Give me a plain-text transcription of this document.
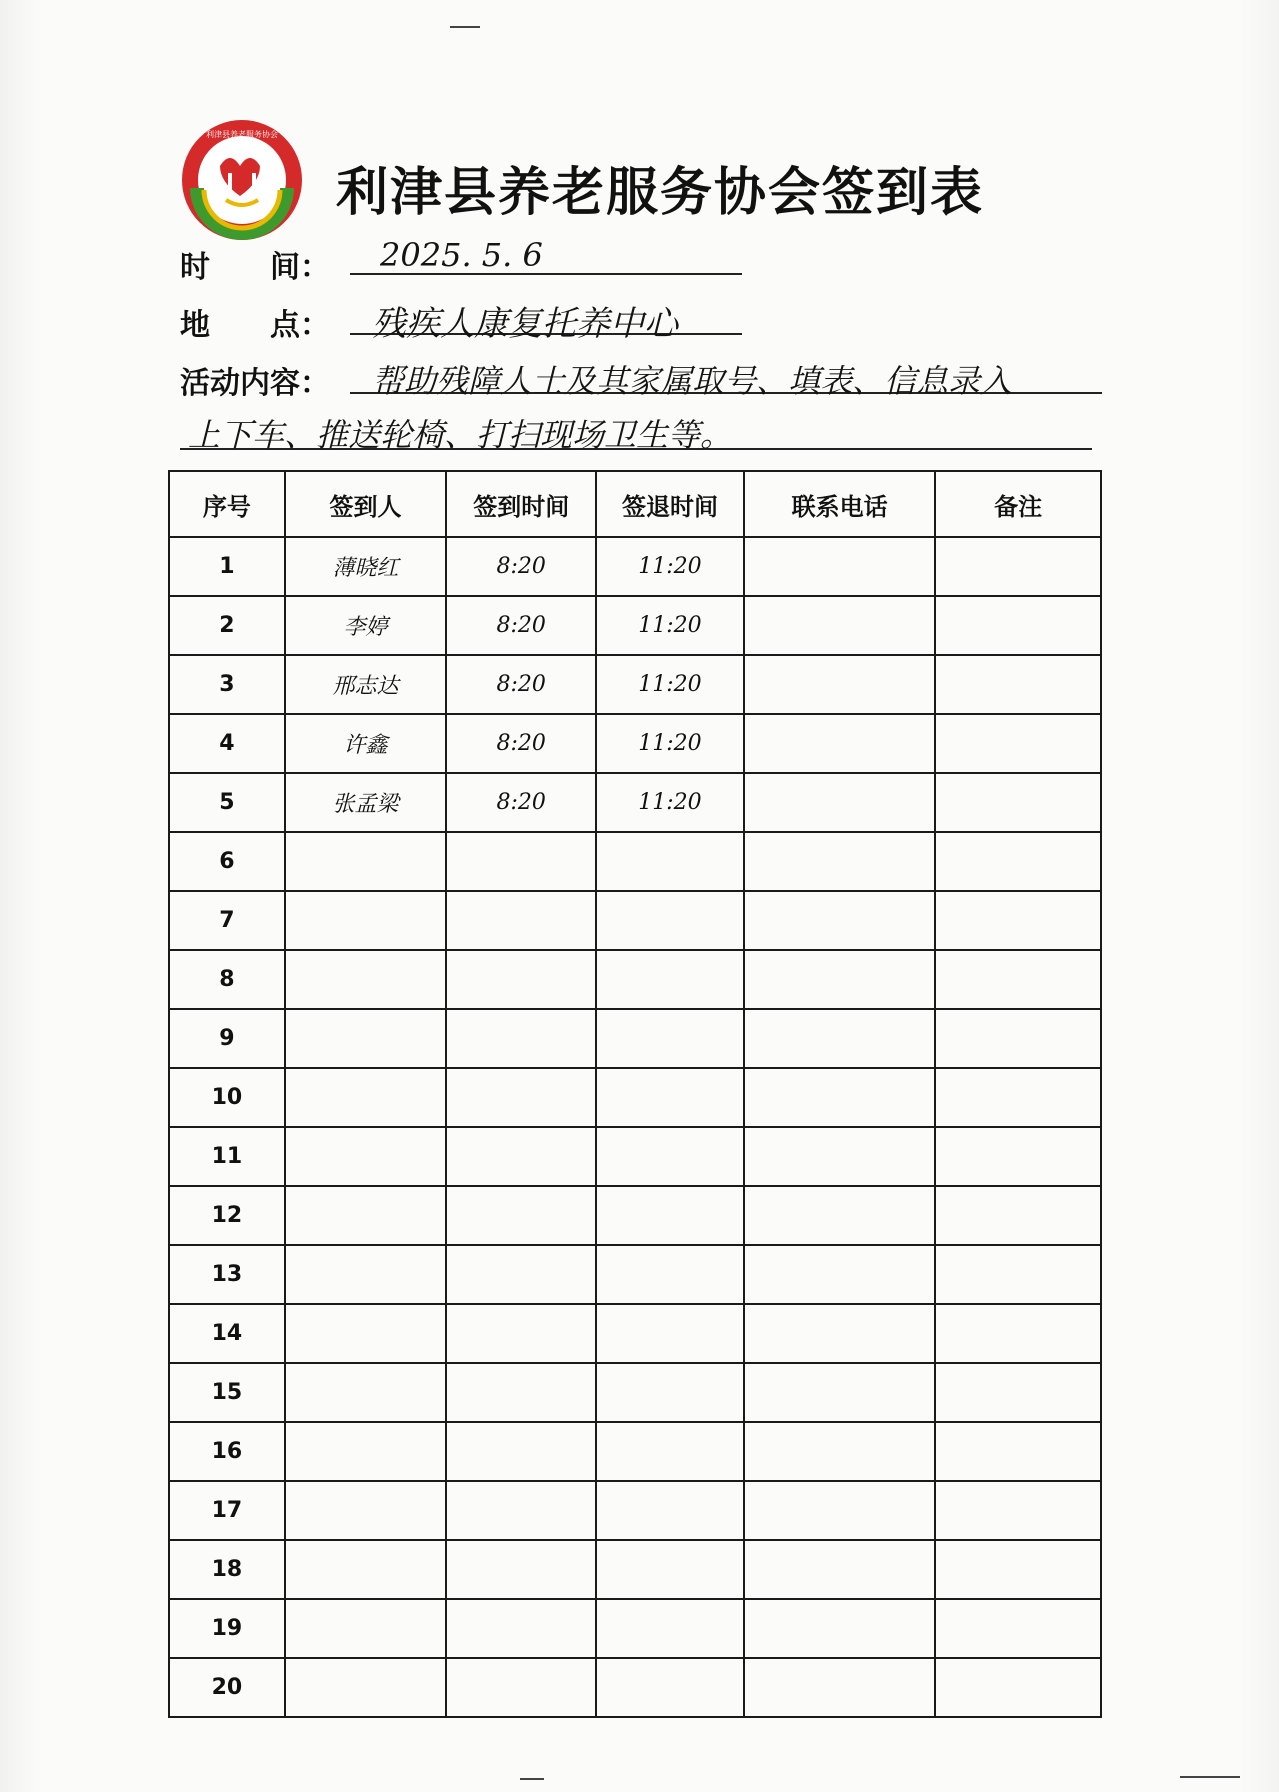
利津县养老服务协会
利津县养老服务协会签到表
时　　间： 2025. 5. 6
地　　点： 残疾人康复托养中心
活动内容： 帮助残障人士及其家属取号、填表、信息录入
上下车、推送轮椅、打扫现场卫生等。
序号	签到人	签到时间	签退时间	联系电话	备注
1	薄晓红	8:20	11:20		
2	李婷	8:20	11:20		
3	邢志达	8:20	11:20		
4	许鑫	8:20	11:20		
5	张孟梁	8:20	11:20		
6					
7					
8					
9					
10					
11					
12					
13					
14					
15					
16					
17					
18					
19					
20					
